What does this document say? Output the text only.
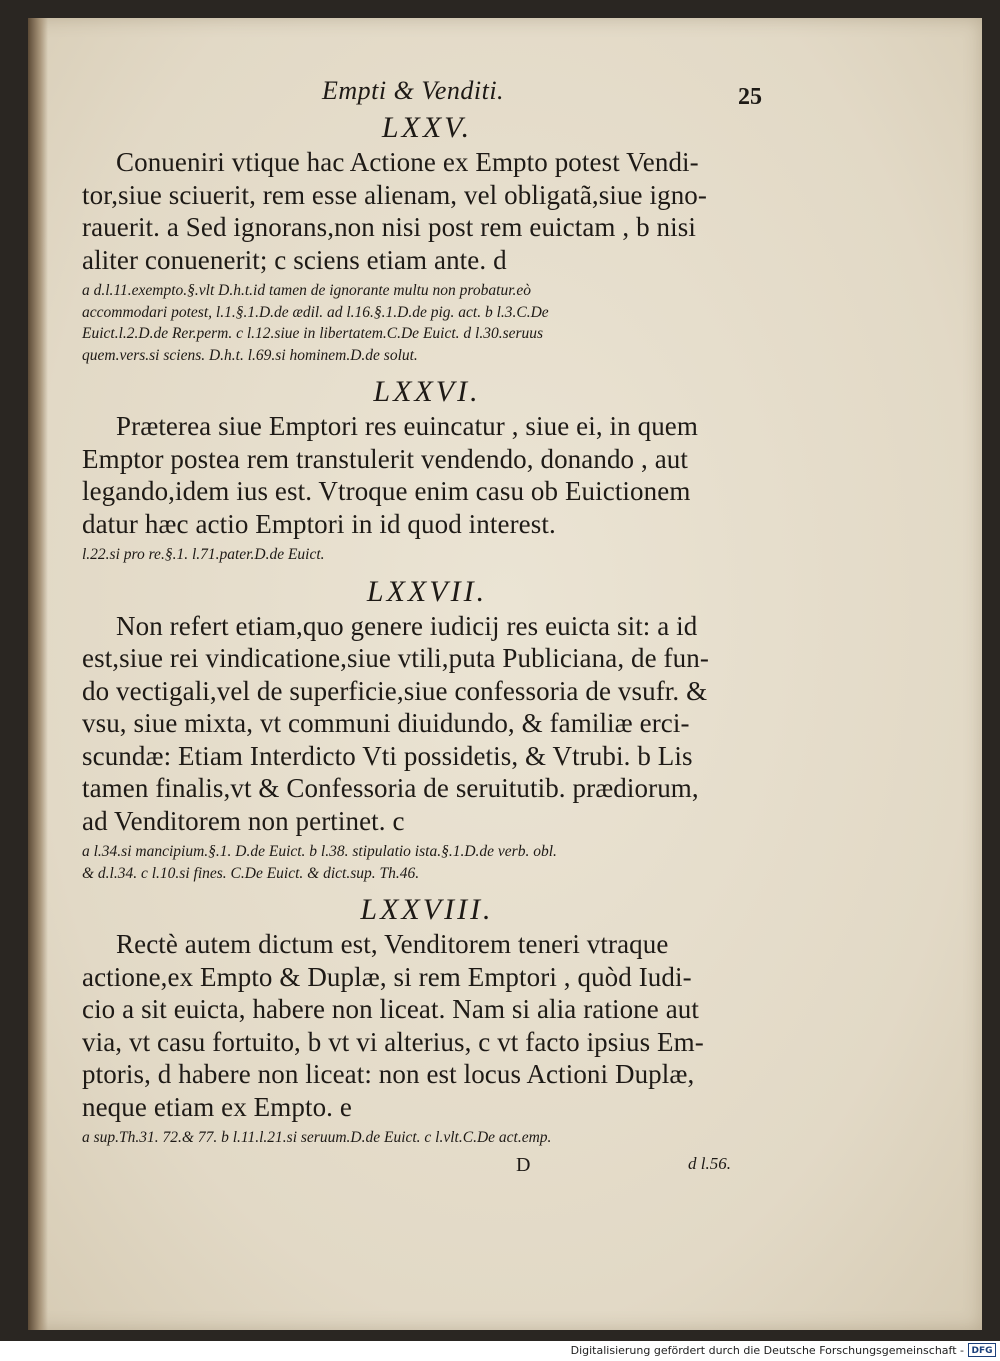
Empti & Venditi.	25

LXXV.

Conueniri vtique hac Actione ex Empto potest Vendi-

tor,siue sciuerit, rem esse alienam, vel obligatã,siue igno-

rauerit. a Sed ignorans,non nisi post rem euictam , b nisi

aliter conuenerit; c sciens etiam ante. d

a d.l.11.exempto.§.vlt D.h.t.id tamen de ignorante multu non probatur.eò

accommodari potest, l.1.§.1.D.de ædil. ad l.16.§.1.D.de pig. act. b l.3.C.De

Euict.l.2.D.de Rer.perm. c l.12.siue in libertatem.C.De Euict. d l.30.seruus

quem.vers.si sciens. D.h.t. l.69.si hominem.D.de solut.

LXXVI.

Præterea siue Emptori res euincatur , siue ei, in quem

Emptor postea rem transtulerit vendendo, donando , aut

legando,idem ius est. Vtroque enim casu ob Euictionem

datur hæc actio Emptori in id quod interest.

l.22.si pro re.§.1. l.71.pater.D.de Euict.

LXXVII.

Non refert etiam,quo genere iudicij res euicta sit: a id

est,siue rei vindicatione,siue vtili,puta Publiciana, de fun-

do vectigali,vel de superficie,siue confessoria de vsufr. &

vsu, siue mixta, vt communi diuidundo, & familiæ erci-

scundæ: Etiam Interdicto Vti possidetis, & Vtrubi. b Lis

tamen finalis,vt & Confessoria de seruitutib. prædiorum,

ad Venditorem non pertinet. c

a l.34.si mancipium.§.1. D.de Euict. b l.38. stipulatio ista.§.1.D.de verb. obl.

& d.l.34. c l.10.si fines. C.De Euict. & dict.sup. Th.46.

LXXVIII.

Rectè autem dictum est, Venditorem teneri vtraque

actione,ex Empto & Duplæ, si rem Emptori , quòd Iudi-

cio a sit euicta, habere non liceat. Nam si alia ratione aut

via, vt casu fortuito, b vt vi alterius, c vt facto ipsius Em-

ptoris, d habere non liceat: non est locus Actioni Duplæ,

neque etiam ex Empto. e

a sup.Th.31. 72.& 77. b l.11.l.21.si seruum.D.de Euict. c l.vlt.C.De act.emp.

D	d l.56.
Digitalisierung gefördert durch die Deutsche Forschungsgemeinschaft - DFG
